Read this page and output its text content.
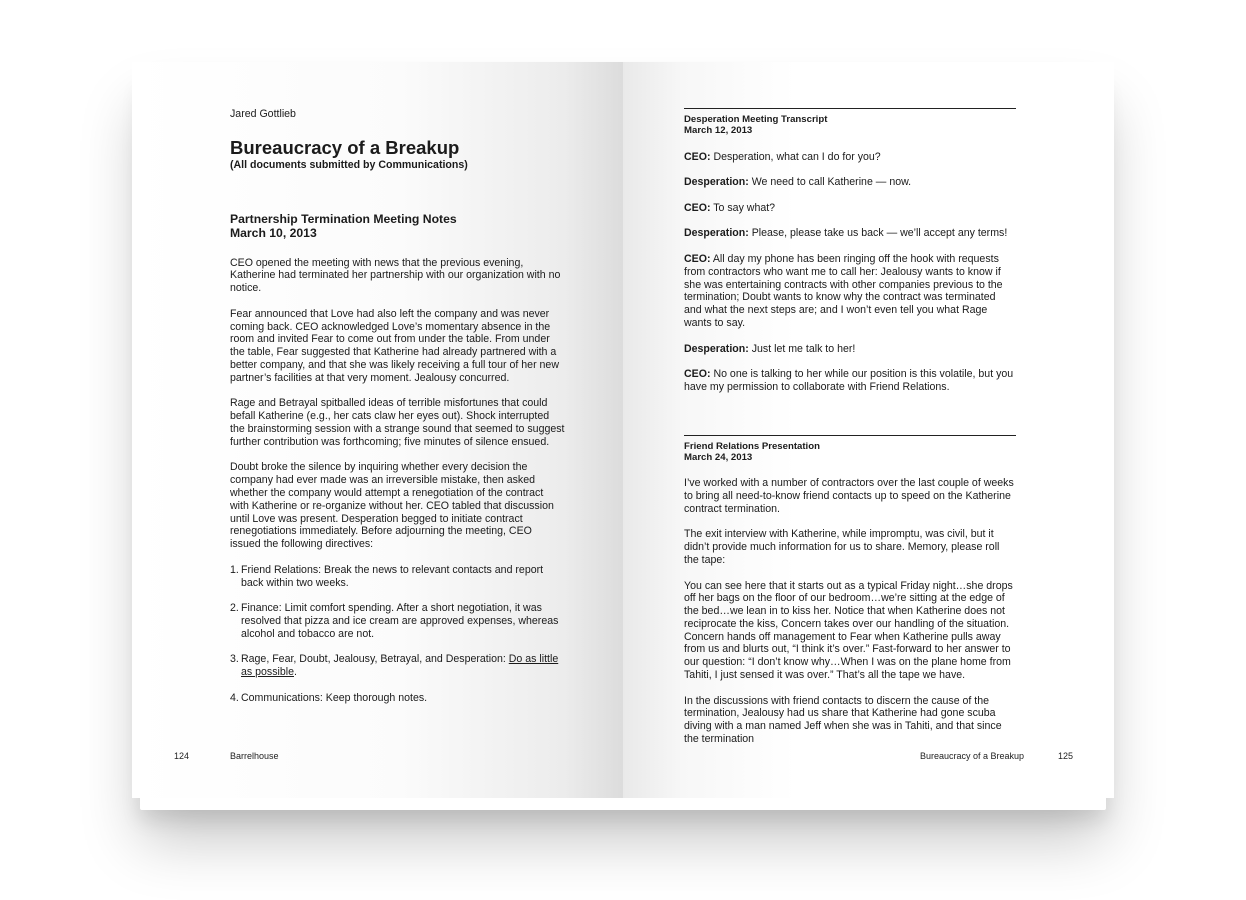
Jared Gottlieb
Bureaucracy of a Breakup
(All documents submitted by Communications)
Partnership Termination Meeting Notes
March 10, 2013

CEO opened the meeting with news that the previous evening, Katherine had terminated her partnership with our organization with no notice.

Fear announced that Love had also left the company and was never coming back. CEO acknowledged Love’s momentary absence in the room and invited Fear to come out from under the table. From under the table, Fear suggested that Katherine had already partnered with a better company, and that she was likely receiving a full tour of her new partner’s facilities at that very moment. Jealousy concurred.

Rage and Betrayal spitballed ideas of terrible misfortunes that could befall Katherine (e.g., her cats claw her eyes out). Shock interrupted the brainstorming session with a strange sound that seemed to suggest further contribution was forthcoming; five minutes of silence ensued.

Doubt broke the silence by inquiring whether every decision the company had ever made was an irreversible mistake, then asked whether the company would attempt a renegotiation of the contract with Katherine or re-organize without her. CEO tabled that discussion until Love was present. Desperation begged to initiate contract renegotiations immediately. Before adjourning the meeting, CEO issued the following directives:

1. Friend Relations: Break the news to relevant contacts and report back within two weeks.
2. Finance: Limit comfort spending. After a short negotiation, it was resolved that pizza and ice cream are approved expenses, whereas alcohol and tobacco are not.
3. Rage, Fear, Doubt, Jealousy, Betrayal, and Desperation: Do as little as possible.
4. Communications: Keep thorough notes.
124	Barrelhouse
Desperation Meeting Transcript
March 12, 2013

CEO: Desperation, what can I do for you?

Desperation: We need to call Katherine — now.

CEO: To say what?

Desperation: Please, please take us back — we’ll accept any terms!

CEO: All day my phone has been ringing off the hook with requests from contractors who want me to call her: Jealousy wants to know if she was entertaining contracts with other companies previous to the termination; Doubt wants to know why the contract was terminated and what the next steps are; and I won’t even tell you what Rage wants to say.

Desperation: Just let me talk to her!

CEO: No one is talking to her while our position is this volatile, but you have my permission to collaborate with Friend Relations.

Friend Relations Presentation
March 24, 2013

I’ve worked with a number of contractors over the last couple of weeks to bring all need-to-know friend contacts up to speed on the Katherine contract termination.

The exit interview with Katherine, while impromptu, was civil, but it didn’t provide much information for us to share. Memory, please roll the tape:

You can see here that it starts out as a typical Friday night…she drops off her bags on the floor of our bedroom…we’re sitting at the edge of the bed…we lean in to kiss her. Notice that when Katherine does not reciprocate the kiss, Concern takes over our handling of the situation. Concern hands off management to Fear when Katherine pulls away from us and blurts out, “I think it’s over.” Fast-forward to her answer to our question: “I don’t know why…When I was on the plane home from Tahiti, I just sensed it was over.” That’s all the tape we have.

In the discussions with friend contacts to discern the cause of the termination, Jealousy had us share that Katherine had gone scuba diving with a man named Jeff when she was in Tahiti, and that since the termination

Bureaucracy of a Breakup	125
